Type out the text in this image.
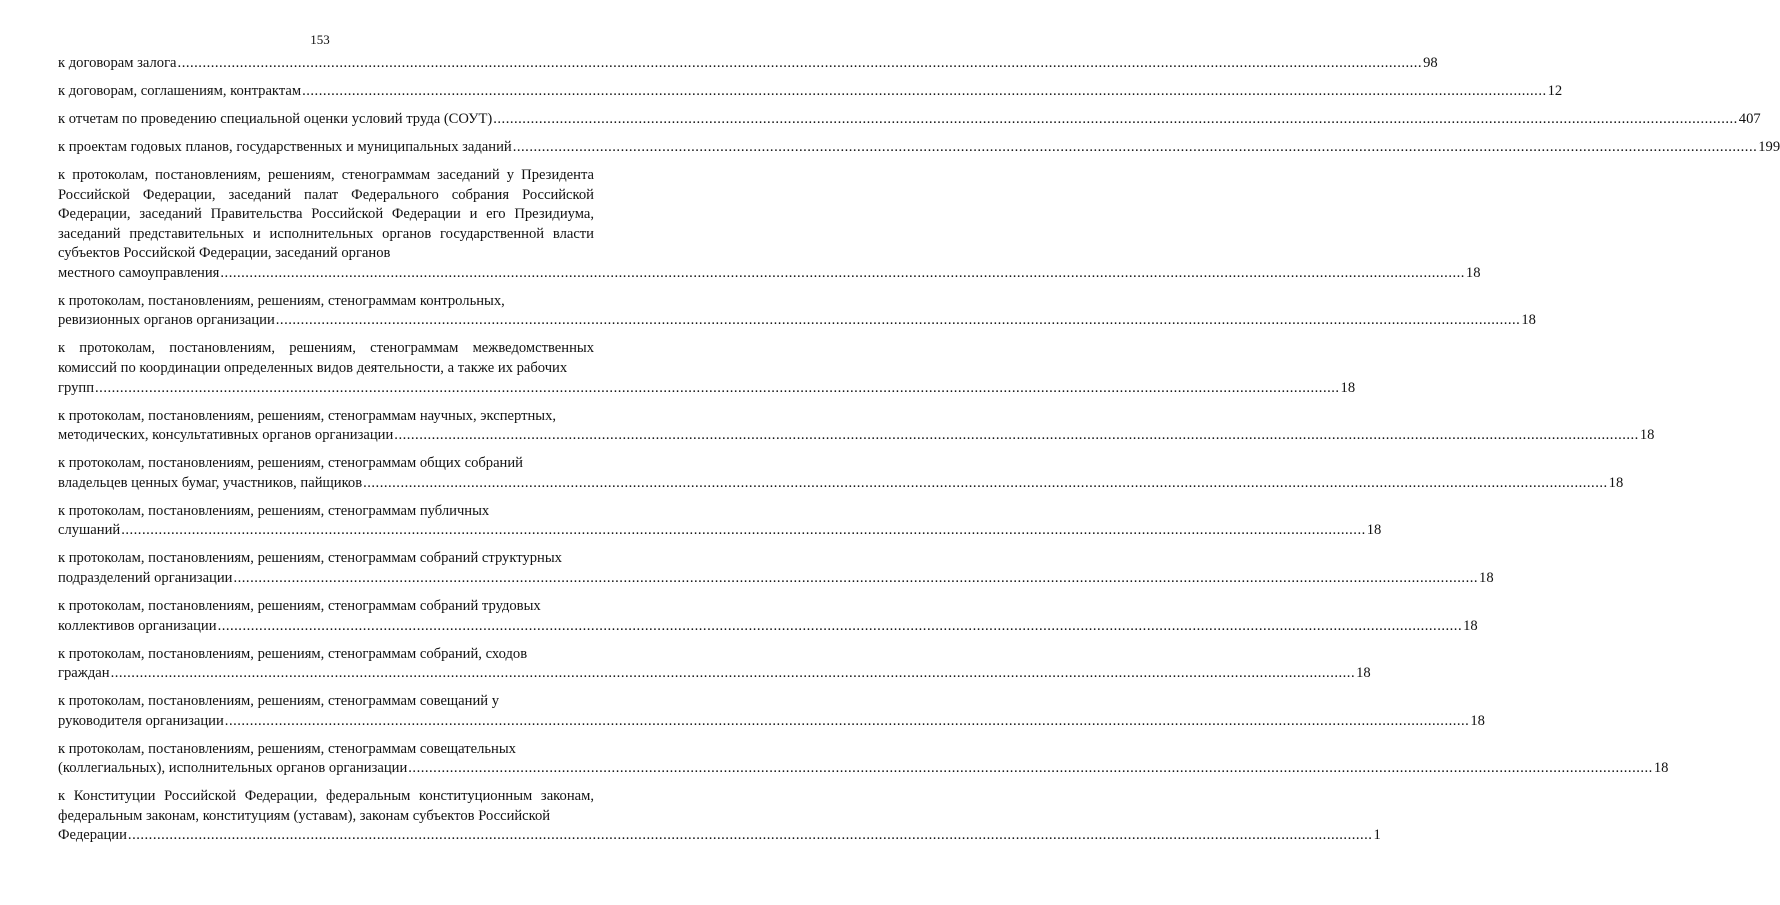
153
к договорам залога ............................................................................................................................................................................................................................................................................................................ 98
к договорам, соглашениям, контрактам ............................................................................................................................................................................................................................................................................................................ 12
к отчетам по проведению специальной оценки условий труда (СОУТ) ............................................................................................................................................................................................................................................................................................................ 407
к проектам годовых планов, государственных и муниципальных заданий ............................................................................................................................................................................................................................................................................................................ 199
к протоколам, постановлениям, решениям, стенограммам заседаний у Президента Российской Федерации, заседаний палат Федерального собрания Российской Федерации, заседаний Правительства Российской Федерации и его Президиума, заседаний представительных и исполнительных органов государственной власти субъектов Российской Федерации, заседаний органов
местного самоуправления ............................................................................................................................................................................................................................................................................................................ 18
к протоколам, постановлениям, решениям, стенограммам контрольных,
ревизионных органов организации ............................................................................................................................................................................................................................................................................................................ 18
к протоколам, постановлениям, решениям, стенограммам межведомственных комиссий по координации определенных видов деятельности, а также их рабочих
групп ............................................................................................................................................................................................................................................................................................................ 18
к протоколам, постановлениям, решениям, стенограммам научных, экспертных,
методических, консультативных органов организации ............................................................................................................................................................................................................................................................................................................ 18
к протоколам, постановлениям, решениям, стенограммам общих собраний
владельцев ценных бумаг, участников, пайщиков ............................................................................................................................................................................................................................................................................................................ 18
к протоколам, постановлениям, решениям, стенограммам публичных
слушаний ............................................................................................................................................................................................................................................................................................................ 18
к протоколам, постановлениям, решениям, стенограммам собраний структурных
подразделений организации ............................................................................................................................................................................................................................................................................................................ 18
к протоколам, постановлениям, решениям, стенограммам собраний трудовых
коллективов организации ............................................................................................................................................................................................................................................................................................................ 18
к протоколам, постановлениям, решениям, стенограммам собраний, сходов
граждан ............................................................................................................................................................................................................................................................................................................ 18
к протоколам, постановлениям, решениям, стенограммам совещаний у
руководителя организации ............................................................................................................................................................................................................................................................................................................ 18
к протоколам, постановлениям, решениям, стенограммам совещательных
(коллегиальных), исполнительных органов организации ............................................................................................................................................................................................................................................................................................................ 18
к Конституции Российской Федерации, федеральным конституционным законам, федеральным законам, конституциям (уставам), законам субъектов Российской
Федерации ............................................................................................................................................................................................................................................................................................................ 1
